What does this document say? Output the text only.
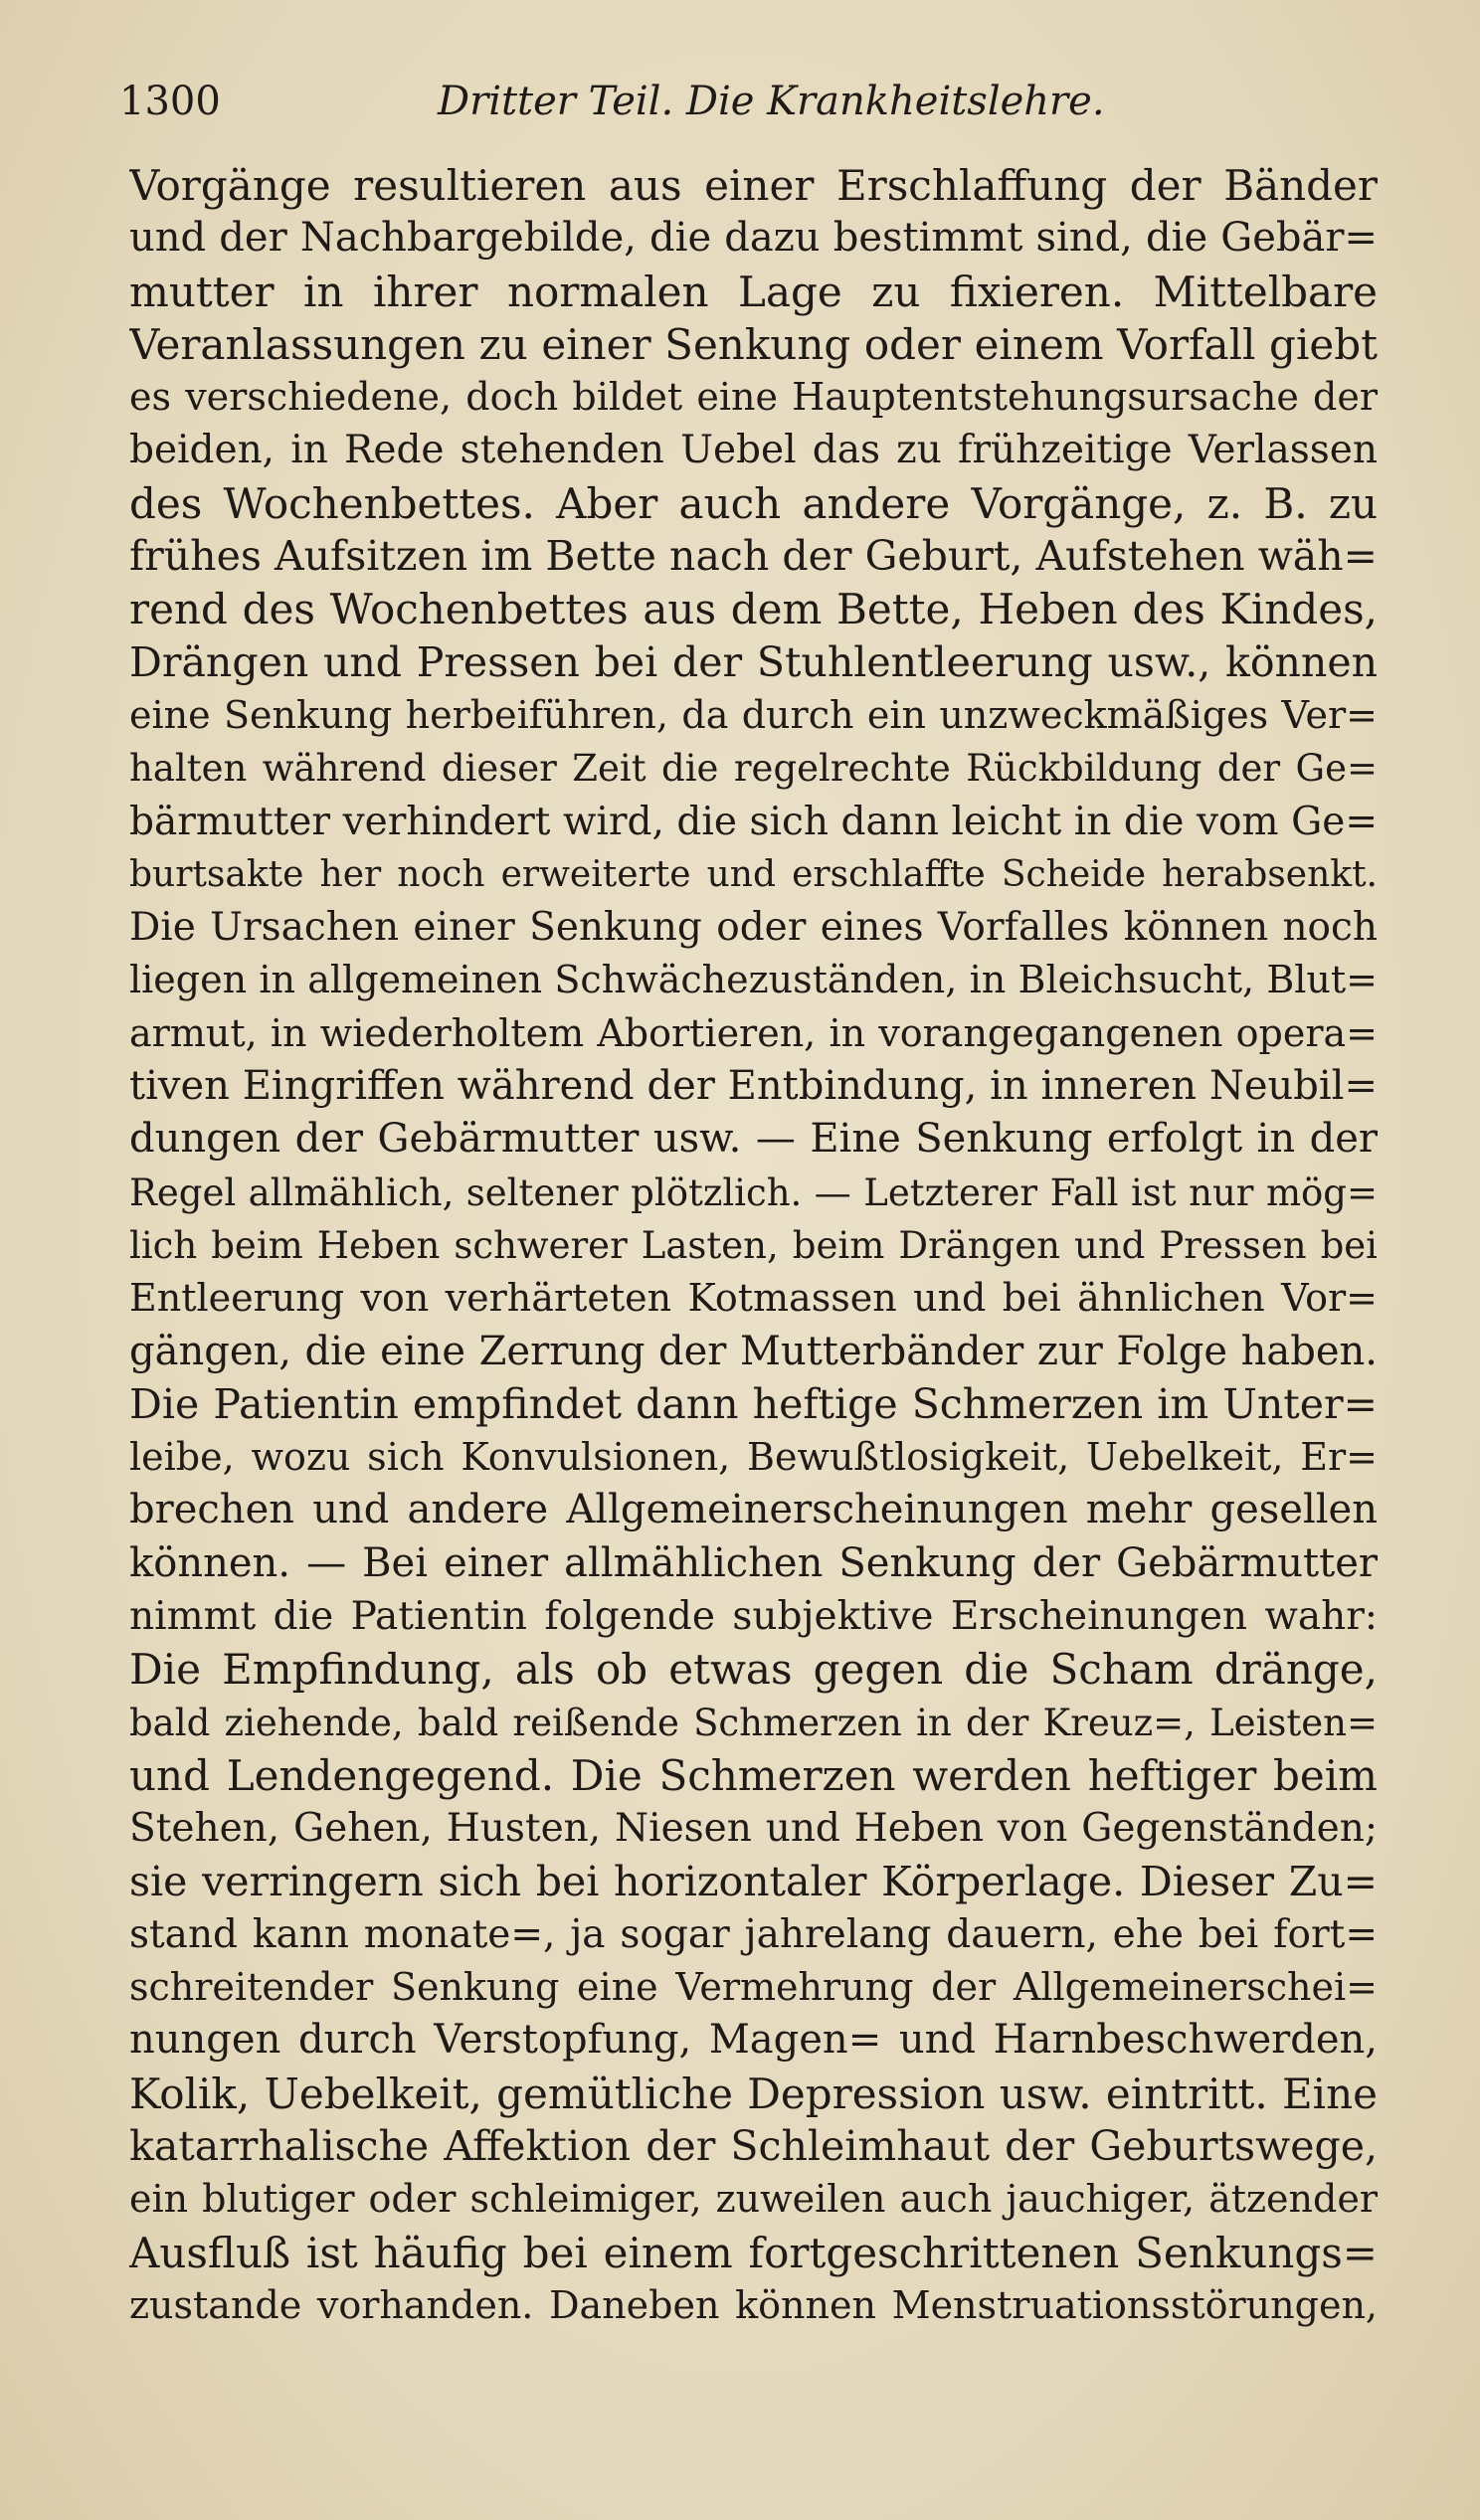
1300	Dritter Teil. Die Krankheitslehre.
Vorgänge resultieren aus einer Erschlaffung der Bänder
und der Nachbargebilde, die dazu bestimmt sind, die Gebär=
mutter in ihrer normalen Lage zu fixieren. Mittelbare
Veranlassungen zu einer Senkung oder einem Vorfall giebt
es verschiedene, doch bildet eine Hauptentstehungsursache der
beiden, in Rede stehenden Uebel das zu frühzeitige Verlassen
des Wochenbettes. Aber auch andere Vorgänge, z. B. zu
frühes Aufsitzen im Bette nach der Geburt, Aufstehen wäh=
rend des Wochenbettes aus dem Bette, Heben des Kindes,
Drängen und Pressen bei der Stuhlentleerung usw., können
eine Senkung herbeiführen, da durch ein unzweckmäßiges Ver=
halten während dieser Zeit die regelrechte Rückbildung der Ge=
bärmutter verhindert wird, die sich dann leicht in die vom Ge=
burtsakte her noch erweiterte und erschlaffte Scheide herabsenkt.
Die Ursachen einer Senkung oder eines Vorfalles können noch
liegen in allgemeinen Schwächezuständen, in Bleichsucht, Blut=
armut, in wiederholtem Abortieren, in vorangegangenen opera=
tiven Eingriffen während der Entbindung, in inneren Neubil=
dungen der Gebärmutter usw. — Eine Senkung erfolgt in der
Regel allmählich, seltener plötzlich. — Letzterer Fall ist nur mög=
lich beim Heben schwerer Lasten, beim Drängen und Pressen bei
Entleerung von verhärteten Kotmassen und bei ähnlichen Vor=
gängen, die eine Zerrung der Mutterbänder zur Folge haben.
Die Patientin empfindet dann heftige Schmerzen im Unter=
leibe, wozu sich Konvulsionen, Bewußtlosigkeit, Uebelkeit, Er=
brechen und andere Allgemeinerscheinungen mehr gesellen
können. — Bei einer allmählichen Senkung der Gebärmutter
nimmt die Patientin folgende subjektive Erscheinungen wahr:
Die Empfindung, als ob etwas gegen die Scham dränge,
bald ziehende, bald reißende Schmerzen in der Kreuz=, Leisten=
und Lendengegend. Die Schmerzen werden heftiger beim
Stehen, Gehen, Husten, Niesen und Heben von Gegenständen;
sie verringern sich bei horizontaler Körperlage. Dieser Zu=
stand kann monate=, ja sogar jahrelang dauern, ehe bei fort=
schreitender Senkung eine Vermehrung der Allgemeinerschei=
nungen durch Verstopfung, Magen= und Harnbeschwerden,
Kolik, Uebelkeit, gemütliche Depression usw. eintritt. Eine
katarrhalische Affektion der Schleimhaut der Geburtswege,
ein blutiger oder schleimiger, zuweilen auch jauchiger, ätzender
Ausfluß ist häufig bei einem fortgeschrittenen Senkungs=
zustande vorhanden. Daneben können Menstruationsstörungen,
